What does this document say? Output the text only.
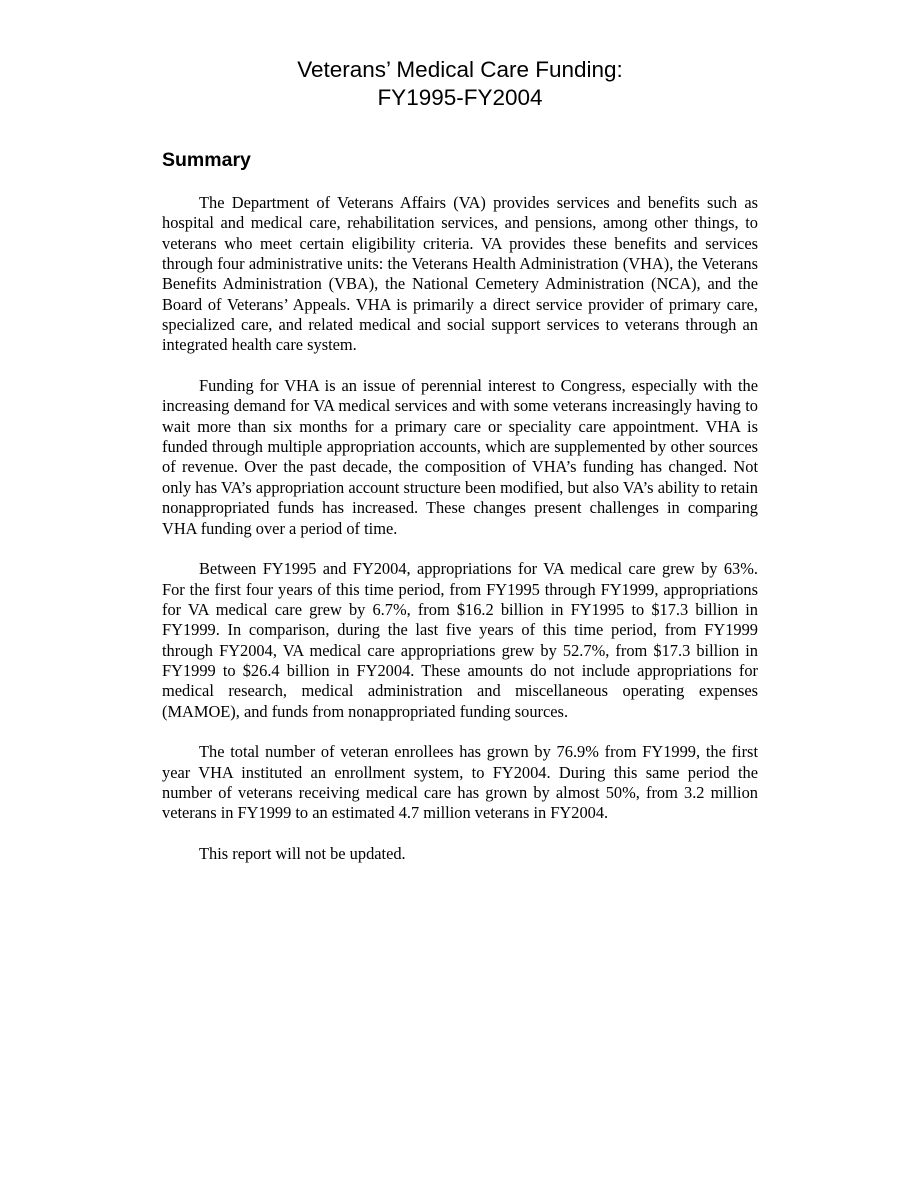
Veterans’ Medical Care Funding:
FY1995-FY2004
Summary

The Department of Veterans Affairs (VA) provides services and benefits such as hospital and medical care, rehabilitation services, and pensions, among other things, to veterans who meet certain eligibility criteria. VA provides these benefits and services through four administrative units: the Veterans Health Administration (VHA), the Veterans Benefits Administration (VBA), the National Cemetery Administration (NCA), and the Board of Veterans’ Appeals. VHA is primarily a direct service provider of primary care, specialized care, and related medical and social support services to veterans through an integrated health care system.

Funding for VHA is an issue of perennial interest to Congress, especially with the increasing demand for VA medical services and with some veterans increasingly having to wait more than six months for a primary care or speciality care appointment. VHA is funded through multiple appropriation accounts, which are supplemented by other sources of revenue. Over the past decade, the composition of VHA’s funding has changed. Not only has VA’s appropriation account structure been modified, but also VA’s ability to retain nonappropriated funds has increased. These changes present challenges in comparing VHA funding over a period of time.

Between FY1995 and FY2004, appropriations for VA medical care grew by 63%. For the first four years of this time period, from FY1995 through FY1999, appropriations for VA medical care grew by 6.7%, from $16.2 billion in FY1995 to $17.3 billion in FY1999. In comparison, during the last five years of this time period, from FY1999 through FY2004, VA medical care appropriations grew by 52.7%, from $17.3 billion in FY1999 to $26.4 billion in FY2004. These amounts do not include appropriations for medical research, medical administration and miscellaneous operating expenses (MAMOE), and funds from nonappropriated funding sources.

The total number of veteran enrollees has grown by 76.9% from FY1999, the first year VHA instituted an enrollment system, to FY2004. During this same period the number of veterans receiving medical care has grown by almost 50%, from 3.2 million veterans in FY1999 to an estimated 4.7 million veterans in FY2004.

This report will not be updated.
